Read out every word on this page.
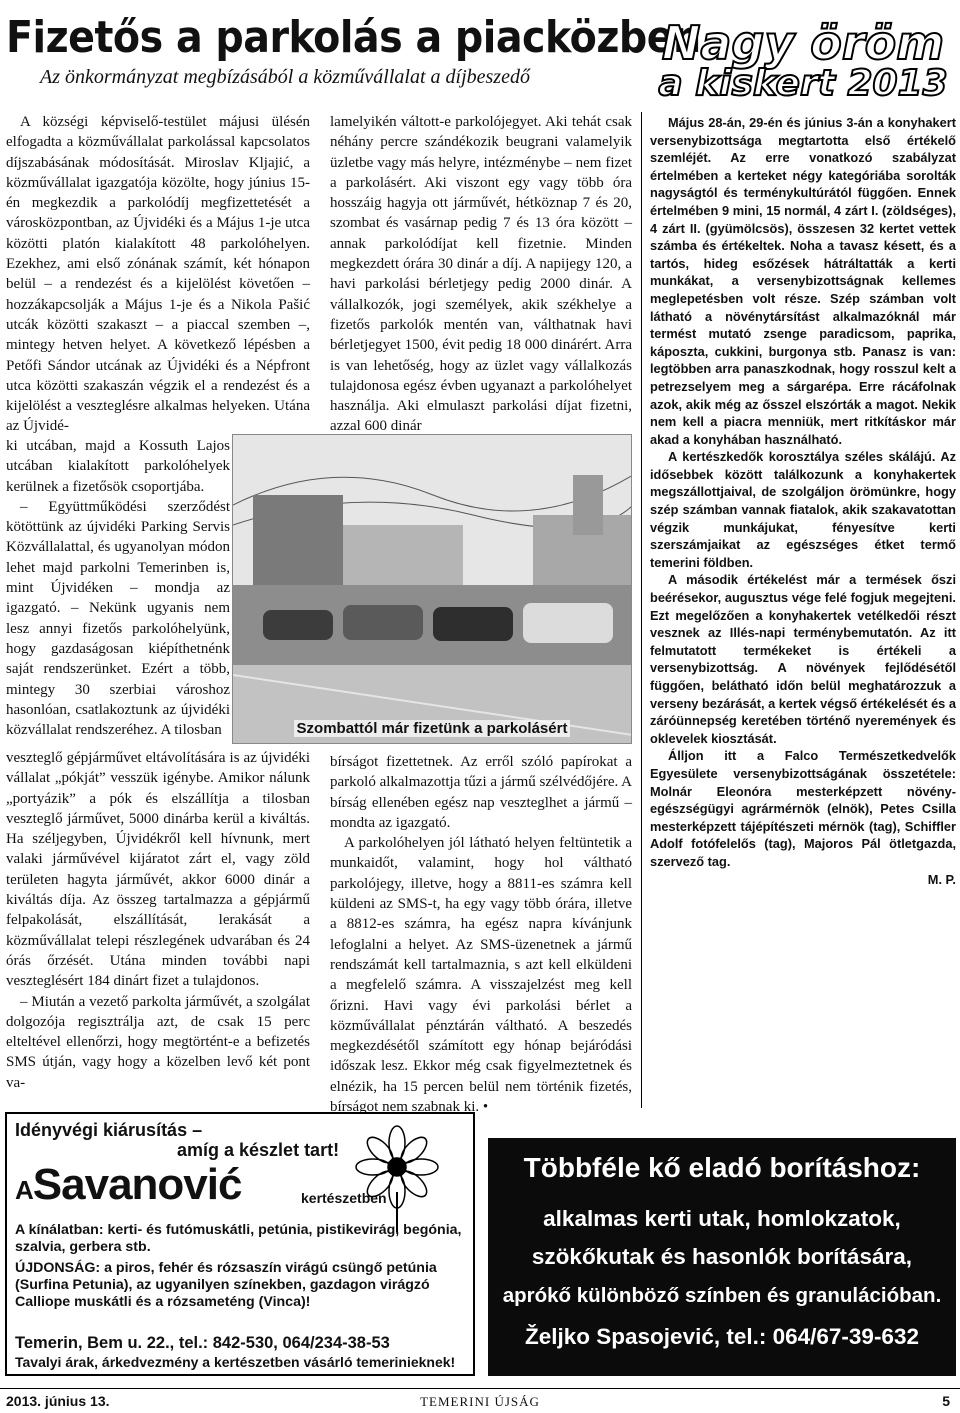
Fizetős a parkolás a piacközben
Az önkormányzat megbízásából a közművállalat a díjbeszedő

A községi képviselő-testület májusi ülésén elfogadta a közművállalat parkolással kapcsolatos díjszabásának módosítását. Miroslav Kljajić, a közművállalat igazgatója közölte, hogy június 15-én megkezdik a parkolódíj megfizettetését a városközpontban, az Újvidéki és a Május 1-je utca közötti platón kialakított 48 parkolóhelyen. Ezekhez, ami első zónának számít, két hónapon belül – a rendezést és a kijelölést követően – hozzákapcsolják a Május 1-je és a Nikola Pašić utcák közötti szakaszt – a piaccal szemben –, mintegy hetven helyet. A következő lépésben a Petőfi Sándor utcának az Újvidéki és a Népfront utca közötti szakaszán végzik el a rendezést és a kijelölést a veszteglésre alkalmas helyeken. Utána az Újvidé-

ki utcában, majd a Kossuth Lajos utcában kialakított parkolóhelyek kerülnek a fizetősök csoportjába.

– Együttműködési szerződést kötöttünk az újvidéki Parking Servis Közvállalattal, és ugyanolyan módon lehet majd parkolni Temerinben is, mint Újvidéken – mondja az igazgató. – Nekünk ugyanis nem lesz annyi fizetős parkolóhelyünk, hogy gazdaságosan kiépíthetnénk saját rendszerünket. Ezért a több, mintegy 30 szerbiai városhoz hasonlóan, csatlakoztunk az újvidéki közvállalat rendszeréhez. A tilosban

veszteglő gépjárművet eltávolítására is az újvidéki vállalat „pókját” vesszük igénybe. Amikor nálunk „portyázik” a pók és elszállítja a tilosban veszteglő járművet, 5000 dinárba kerül a kiváltás. Ha széljegyben, Újvidékről kell hívnunk, mert valaki járművével kijáratot zárt el, vagy zöld területen hagyta járművét, akkor 6000 dinár a kiváltás díja. Az összeg tartalmazza a gépjármű felpakolását, elszállítását, lerakását a közművállalat telepi részlegének udvarában és 24 órás őrzését. Utána minden további napi veszteglésért 184 dinárt fizet a tulajdonos.

– Miután a vezető parkolta járművét, a szolgálat dolgozója regisztrálja azt, de csak 15 perc elteltével ellenőrzi, hogy megtörtént-e a befizetés SMS útján, vagy hogy a közelben levő két pont va-

lamelyikén váltott-e parkolójegyet. Aki tehát csak néhány percre szándékozik beugrani valamelyik üzletbe vagy más helyre, intézménybe – nem fizet a parkolásért. Aki viszont egy vagy több óra hosszáig hagyja ott járművét, hétköznap 7 és 20, szombat és vasárnap pedig 7 és 13 óra között – annak parkolódíjat kell fizetnie. Minden megkezdett órára 30 dinár a díj. A napijegy 120, a havi parkolási bérletjegy pedig 2000 dinár. A vállalkozók, jogi személyek, akik székhelye a fizetős parkolók mentén van, válthatnak havi bérletjegyet 1500, évit pedig 18 000 dinárért. Arra is van lehetőség, hogy az üzlet vagy vállalkozás tulajdonosa egész évben ugyanazt a parkolóhelyet használja. Aki elmulaszt parkolási díjat fizetni, azzal 600 dinár

bírságot fizettetnek. Az erről szóló papírokat a parkoló alkalmazottja tűzi a jármű szélvédőjére. A bírság ellenében egész nap veszteglhet a jármű – mondta az igazgató.

A parkolóhelyen jól látható helyen feltüntetik a munkaidőt, valamint, hogy hol váltható parkolójegy, illetve, hogy a 8811-es számra kell küldeni az SMS-t, ha egy vagy több órára, illetve a 8812-es számra, ha egész napra kívánjunk lefoglalni a helyet. Az SMS-üzenetnek a jármű rendszámát kell tartalmaznia, s azt kell elküldeni a megfelelő számra. A visszajelzést meg kell őrizni. Havi vagy évi parkolási bérlet a közművállalat pénztárán váltható. A beszedés megkezdésétől számított egy hónap bejáródási időszak lesz. Ekkor még csak figyelmeztetnek és elnézik, ha 15 percen belül nem történik fizetés, bírságot nem szabnak ki. •

Szombattól már fizetünk a parkolásért
Nagy öröm
a kiskert 2013

Május 28-án, 29-én és június 3-án a konyhakert versenybizottsága megtartotta első értékelő szemléjét. Az erre vonatkozó szabályzat értelmében a kerteket négy kategóriába sorolták nagyságtól és terménykultúrától függően. Ennek értelmében 9 mini, 15 normál, 4 zárt I. (zöldséges), 4 zárt II. (gyümölcsös), összesen 32 kertet vettek számba és értékeltek. Noha a tavasz késett, és a tartós, hideg esőzések hátráltatták a kerti munkákat, a versenybizottságnak kellemes meglepetésben volt része. Szép számban volt látható a növénytársítást alkalmazóknál már termést mutató zsenge paradicsom, paprika, káposzta, cukkini, burgonya stb. Panasz is van: legtöbben arra panaszkodnak, hogy rosszul kelt a petrezselyem meg a sárgarépa. Erre rácáfolnak azok, akik még az ősszel elszórták a magot. Nekik nem kell a piacra menniük, mert ritkításkor már akad a konyhában használható.

A kertészkedők korosztálya széles skálájú. Az idősebbek között találkozunk a konyhakertek megszállottjaival, de szolgáljon örömünkre, hogy szép számban vannak fiatalok, akik szakavatottan végzik munkájukat, fényesítve kerti szerszámjaikat az egészséges étket termő temerini földben.

A második értékelést már a termések őszi beérésekor, augusztus vége felé fogjuk megejteni. Ezt megelőzően a konyhakertek vetélkedői részt vesznek az Illés-napi terménybemutatón. Az itt felmutatott termékeket is értékeli a versenybizottság. A növények fejlődésétől függően, belátható időn belül meghatározzuk a verseny bezárását, a kertek végső értékelését és a záróünnepség keretében történő nyeremények és oklevelek kiosztását.

Álljon itt a Falco Természetkedvelők Egyesülete versenybizottságának összetétele: Molnár Eleonóra mesterképzett növény-egészségügyi agrármérnök (elnök), Petes Csilla mesterképzett tájépítészeti mérnök (tag), Schiffler Adolf fotófelelős (tag), Majoros Pál ötletgazda, szervező tag.

M. P.

Idényvégi kiárusítás –
amíg a készlet tart!
ASavanović	kertészetben
A kínálatban: kerti- és futómuskátli, petúnia, pistikevirág, begónia, szalvia, gerbera stb.
ÚJDONSÁG: a piros, fehér és rózsaszín virágú csüngő petúnia (Surfina Petunia), az ugyanilyen színekben, gazdagon virágzó Calliope muskátli és a rózsameténg (Vinca)!
Temerin, Bem u. 22., tel.: 842-530, 064/234-38-53
Tavalyi árak, árkedvezmény a kertészetben vásárló temerinieknek!
Többféle kő eladó borításhoz:
alkalmas kerti utak, homlokzatok,
szökőkutak és hasonlók borítására,
aprókő különböző színben és granulációban.
Željko Spasojević, tel.: 064/67-39-632
2013. június 13.	TEMERINI ÚJSÁG	5
